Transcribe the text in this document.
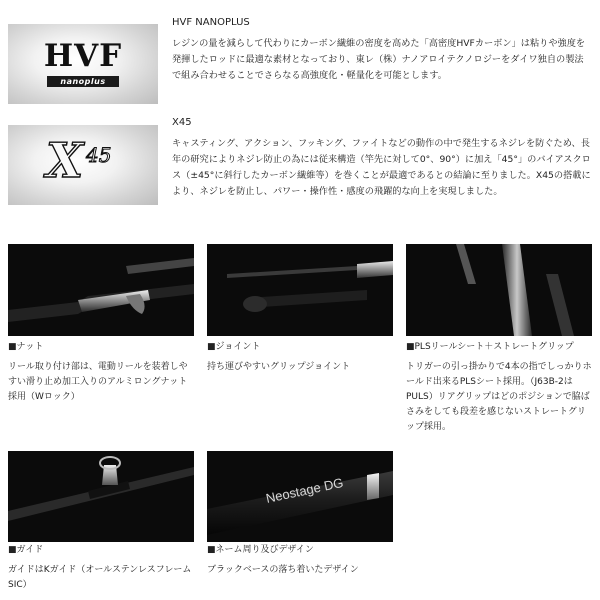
HVF
nanoplus
HVF NANOPLUS
レジンの量を減らして代わりにカーボン繊維の密度を高めた「高密度HVFカーボン」は粘りや強度を発揮したロッドに最適な素材となっており、東レ（株）ナノアロイテクノロジーをダイワ独自の製法で組み合わせることでさらなる高強度化・軽量化を可能とします。
X 45
X45
キャスティング、アクション、フッキング、ファイトなどの動作の中で発生するネジレを防ぐため、長年の研究によりネジレ防止の為には従来構造（竿先に対して0°、90°）に加え「45°」のバイアスクロス（±45°に斜行したカーボン繊維等）を巻くことが最適であるとの結論に至りました。X45の搭載により、ネジレを防止し、パワー・操作性・感度の飛躍的な向上を実現しました。
■ナット
リール取り付け部は、電動リールを装着しやすい滑り止め加工入りのアルミロングナット採用（Wロック）
■ジョイント
持ち運びやすいグリップジョイント
■PLSリールシート＋ストレートグリップ
トリガーの引っ掛かりで4本の指でしっかりホールド出来るPLSシート採用。（J63B-2はPULS）リアグリップはどのポジションで脇ばさみをしても段差を感じないストレートグリップ採用。
■ガイド
ガイドはKガイド（オールステンレスフレームSIC）
Neostage DG
■ネーム周り及びデザイン
ブラックベースの落ち着いたデザイン
